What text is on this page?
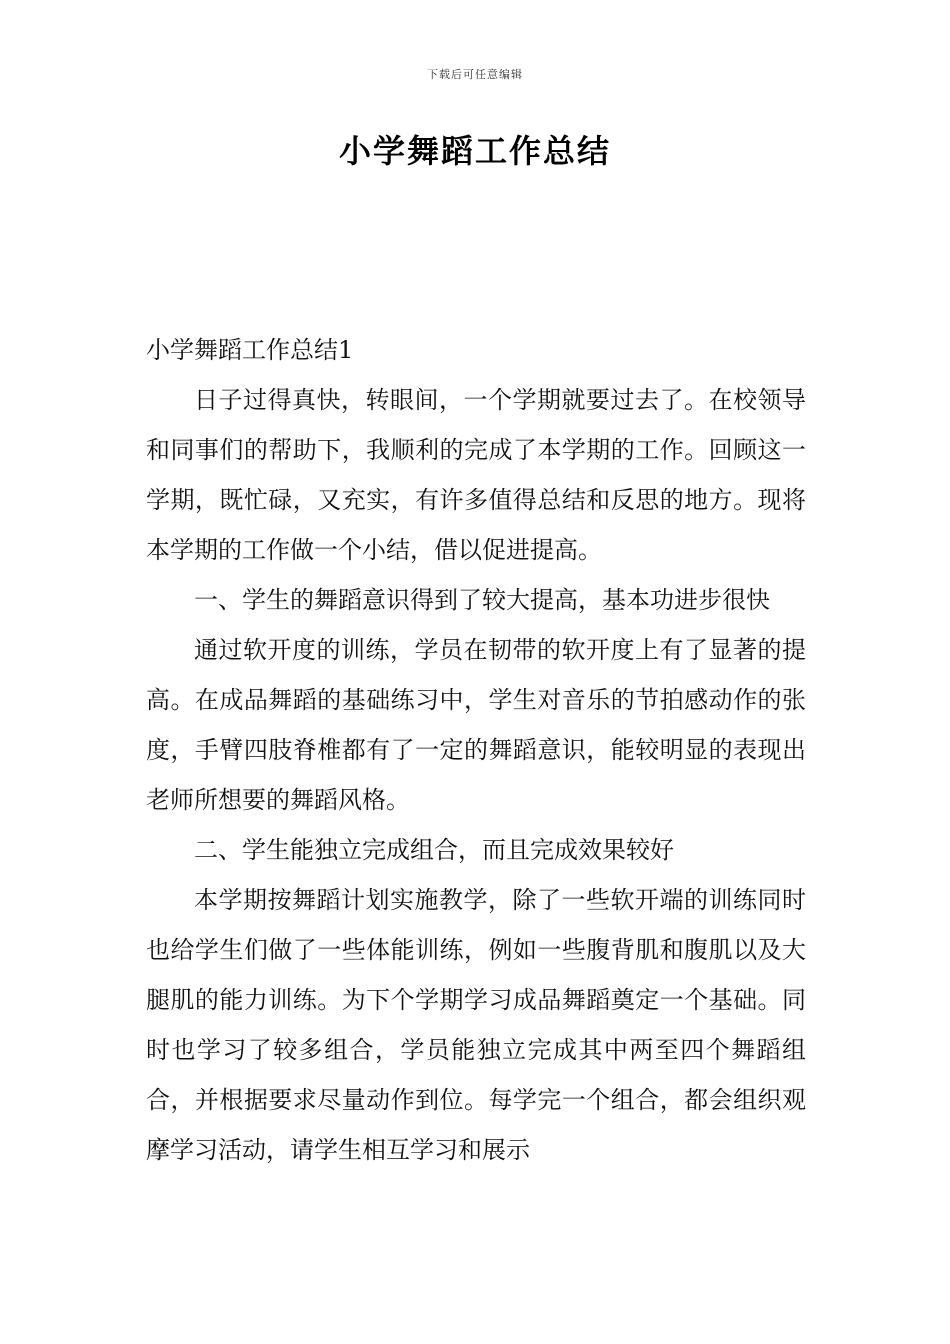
下载后可任意编辑
小学舞蹈工作总结
小学舞蹈工作总结1

日子过得真快，转眼间，一个学期就要过去了。在校领导和同事们的帮助下，我顺利的完成了本学期的工作。回顾这一学期，既忙碌，又充实，有许多值得总结和反思的地方。现将本学期的工作做一个小结，借以促进提高。

一、学生的舞蹈意识得到了较大提高，基本功进步很快

通过软开度的训练，学员在韧带的软开度上有了显著的提高。在成品舞蹈的基础练习中，学生对音乐的节拍感动作的张度，手臂四肢脊椎都有了一定的舞蹈意识，能较明显的表现出老师所想要的舞蹈风格。

二、学生能独立完成组合，而且完成效果较好

本学期按舞蹈计划实施教学，除了一些软开端的训练同时也给学生们做了一些体能训练，例如一些腹背肌和腹肌以及大腿肌的能力训练。为下个学期学习成品舞蹈奠定一个基础。同时也学习了较多组合，学员能独立完成其中两至四个舞蹈组合，并根据要求尽量动作到位。每学完一个组合，都会组织观摩学习活动，请学生相互学习和展示
